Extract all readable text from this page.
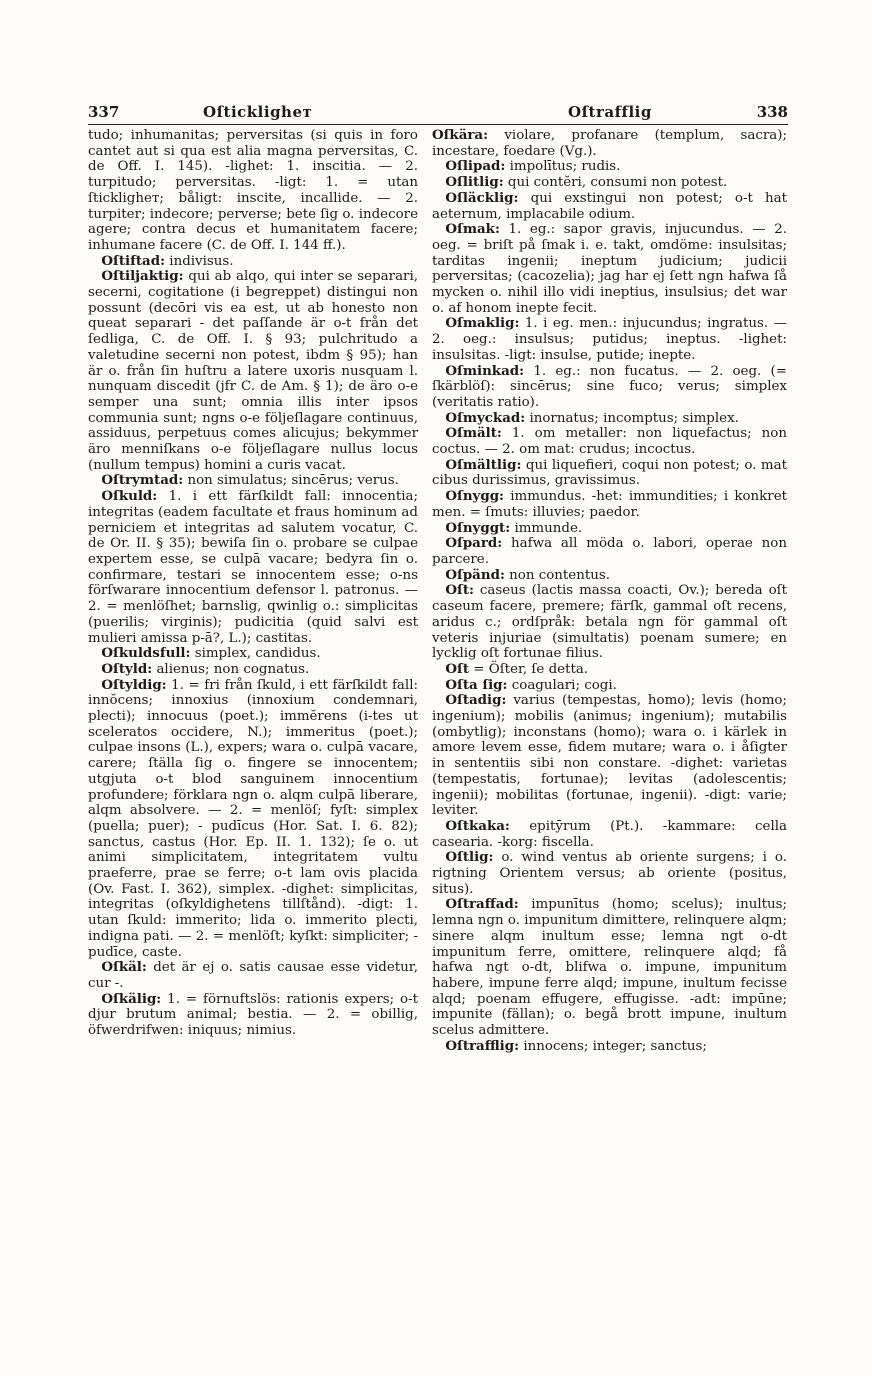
337	Oſtickligheт	Oſtrafflig	338

tudo; inhumanitas; perversitas (si quis in foro cantet aut si qua est alia magna perversitas, C. de Off. I. 145). -lighet: 1. inscitia. — 2. turpitudo; perversitas. -ligt: 1. = utan ſtickligheт; båligt: inscite, incallide. — 2. turpiter; indecore; perverse; bete ſig o. indecore agere; contra decus et humanitatem facere; inhumane facere (C. de Off. I. 144 ff.).

Oſtiftad: indivisus.

Oſtiljaktig: qui ab alqo, qui inter se separari, secerni, cogitatione (i begreppet) distingui non possunt (decōri vis ea est, ut ab honesto non queat separari - det paſſande är o-t från det ſedliga, C. de Off. I. § 93; pulchritudo a valetudine secerni non potest, ibdm § 95); han är o. från ſin huſtru a latere uxoris nusquam l. nunquam discedit (jfr C. de Am. § 1); de äro o-e semper una sunt; omnia illis inter ipsos communia sunt; ngns o-e följeſlagare continuus, assiduus, perpetuus comes alicujus; bekymmer äro menniſkans o-e följeſlagare nullus locus (nullum tempus) homini a curis vacat.

Oſtrymtad: non simulatus; sincērus; verus.

Oſkuld: 1. i ett färſkildt fall: innocentia; integritas (eadem facultate et fraus hominum ad perniciem et integritas ad salutem vocatur, C. de Or. II. § 35); bewiſa ſin o. probare se culpae expertem esse, se culpā vacare; bedyra ſin o. confirmare, testari se innocentem esse; o-ns förſwarare innocentium defensor l. patronus. — 2. = menlöſhet; barnslig, qwinlig o.: simplicitas (puerilis; virginis); pudicitia (quid salvi est mulieri amissa p-ā?, L.); castitas.

Oſkuldsfull: simplex, candidus.

Oſtyld: alienus; non cognatus.

Oſtyldig: 1. = fri från ſkuld, i ett färſkildt fall: innŏcens; innoxius (innoxium condemnari, plecti); innocuus (poet.); immĕrens (i-tes ut sceleratos occidere, N.); immeritus (poet.); culpae insons (L.), expers; wara o. culpā vacare, carere; ſtälla ſig o. fingere se innocentem; utgjuta o-t blod sanguinem innocentium profundere; förklara ngn o. alqm culpā liberare, alqm absolvere. — 2. = menlöſ; fyſt: simplex (puella; puer); - pudīcus (Hor. Sat. I. 6. 82); sanctus, castus (Hor. Ep. II. 1. 132); ſe o. ut animi simplicitatem, integritatem vultu praeferre, prae se ferre; o-t lam ovis placida (Ov. Fast. I. 362), simplex. -dighet: simplicitas, integritas (oſkyldighetens tillſtånd). -digt: 1. utan ſkuld: immerito; lida o. immerito plecti, indigna pati. — 2. = menlöſt; kyſkt: simpliciter; - pudīce, caste.

Oſkäl: det är ej o. satis causae esse videtur, cur -.

Oſkälig: 1. = förnuftslös: rationis expers; o-t djur brutum animal; bestia. — 2. = obillig, öfwerdrifwen: iniquus; nimius.

Oſkära: violare, profanare (templum, sacra); incestare, foedare (Vg.).

Oſlipad: impolītus; rudis.

Oſlitlig: qui contĕri, consumi non potest.

Oſläcklig: qui exstingui non potest; o-t hat aeternum, implacabile odium.

Oſmak: 1. eg.: sapor gravis, injucundus. — 2. oeg. = briſt på ſmak i. e. takt, omdöme: insulsitas; tarditas ingenii; ineptum judicium; judicii perversitas; (cacozelia); jag har ej ſett ngn hafwa ſå mycken o. nihil illo vidi ineptius, insulsius; det war o. af honom inepte fecit.

Oſmaklig: 1. i eg. men.: injucundus; ingratus. — 2. oeg.: insulsus; putidus; ineptus. -lighet: insulsitas. -ligt: insulse, putide; inepte.

Oſminkad: 1. eg.: non fucatus. — 2. oeg. (= ſkärblöſ): sincērus; sine fuco; verus; simplex (veritatis ratio).

Oſmyckad: inornatus; incomptus; simplex.

Oſmält: 1. om metaller: non liquefactus; non coctus. — 2. om mat: crudus; incoctus.

Oſmältlig: qui liquefieri, coqui non potest; o. mat cibus durissimus, gravissimus.

Oſnygg: immundus. -het: immundities; i konkret men. = ſmuts: illuvies; paedor.

Oſnyggt: immunde.

Oſpard: hafwa all möda o. labori, operae non parcere.

Oſpänd: non contentus.

Oſt: caseus (lactis massa coacti, Ov.); bereda oſt caseum facere, premere; färſk, gammal oſt recens, aridus c.; ordſpråk: betala ngn för gammal oſt veteris injuriae (simultatis) poenam sumere; en lycklig oſt fortunae filius.

Oſt = Öſter, ſe detta.

Oſta ſig: coagulari; cogi.

Oſtadig: varius (tempestas, homo); levis (homo; ingenium); mobilis (animus; ingenium); mutabilis (ombytlig); inconstans (homo); wara o. i kärlek in amore levem esse, fidem mutare; wara o. i åſigter in sententiis sibi non constare. -dighet: varietas (tempestatis, fortunae); levitas (adolescentis; ingenii); mobilitas (fortunae, ingenii). -digt: varie; leviter.

Oſtkaka: epitȳrum (Pt.). -kammare: cella casearia. -korg: fiscella.

Oſtlig: o. wind ventus ab oriente surgens; i o. rigtning Orientem versus; ab oriente (positus, situs).

Oſtraffad: impunītus (homo; scelus); inultus; lemna ngn o. impunitum dimittere, relinquere alqm; sinere alqm inultum esse; lemna ngt o-dt impunitum ferre, omittere, relinquere alqd; få hafwa ngt o-dt, blifwa o. impune, impunitum habere, impune ferre alqd; impune, inultum fecisse alqd; poenam effugere, effugisse. -adt: impūne; impunite (fällan); o. begå brott impune, inultum scelus admittere.

Oſtrafflig: innocens; integer; sanctus;
